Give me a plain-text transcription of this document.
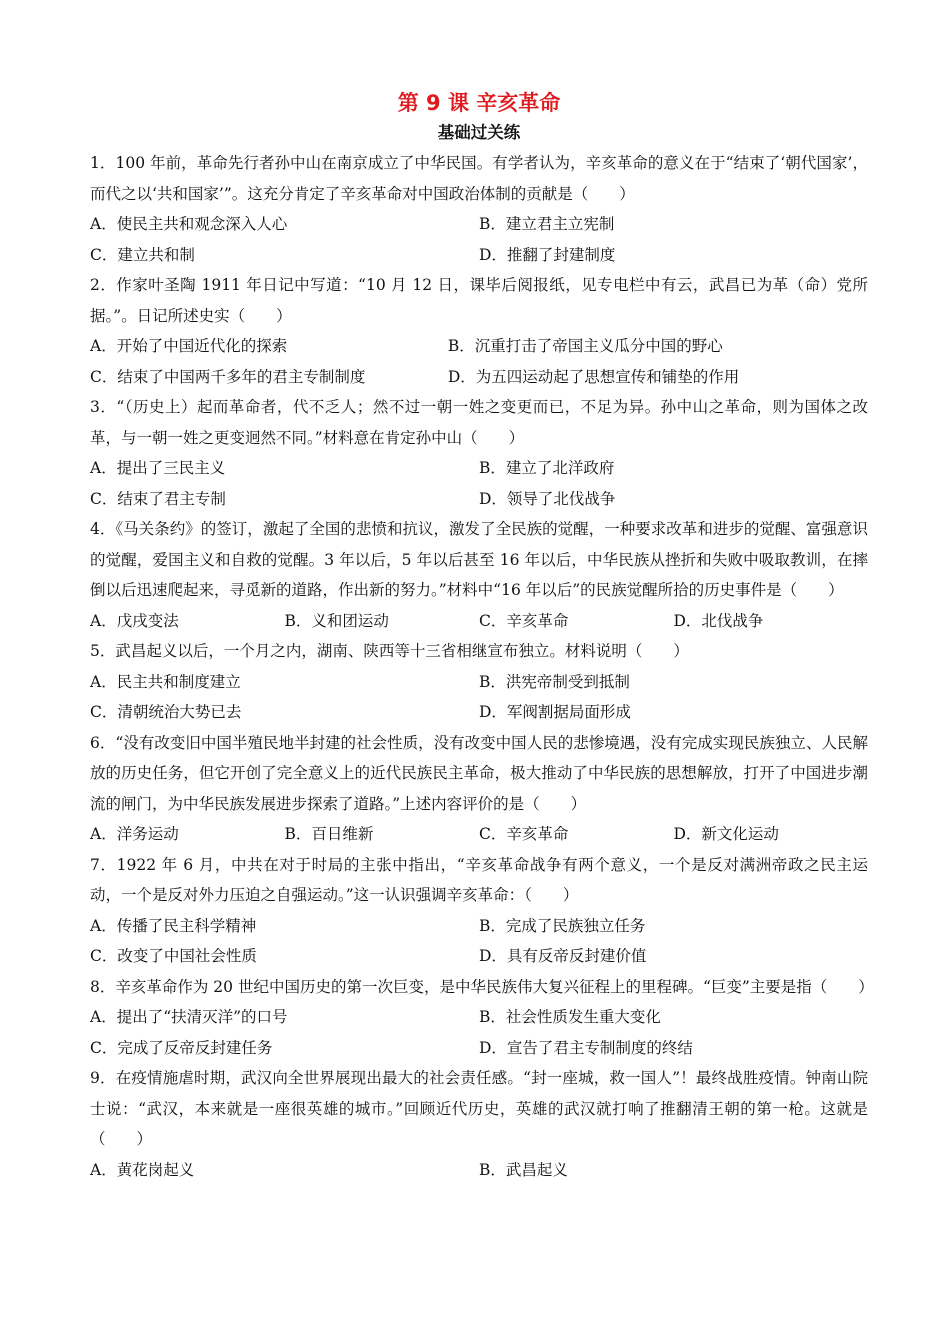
第 9 课 辛亥革命
基础过关练

1．100 年前，革命先行者孙中山在南京成立了中华民国。有学者认为，辛亥革命的意义在于“结束了‘朝代国家’，而代之以‘共和国家’”。这充分肯定了辛亥革命对中国政治体制的贡献是（　　）

A．使民主共和观念深入人心	B．建立君主立宪制
C．建立共和制	D．推翻了封建制度

2．作家叶圣陶 1911 年日记中写道：“10 月 12 日，课毕后阅报纸，见专电栏中有云，武昌已为革（命）党所据。”。日记所述史实（　　）

A．开始了中国近代化的探索	B．沉重打击了帝国主义瓜分中国的野心
C．结束了中国两千多年的君主专制制度	D．为五四运动起了思想宣传和铺垫的作用

3．“（历史上）起而革命者，代不乏人；然不过一朝一姓之变更而已，不足为异。孙中山之革命，则为国体之改革，与一朝一姓之更变迥然不同。”材料意在肯定孙中山（　　）

A．提出了三民主义	B．建立了北洋政府
C．结束了君主专制	D．领导了北伐战争

4．《马关条约》的签订，激起了全国的悲愤和抗议，激发了全民族的觉醒，一种要求改革和进步的觉醒、富强意识的觉醒，爱国主义和自救的觉醒。3 年以后，5 年以后甚至 16 年以后，中华民族从挫折和失败中吸取教训，在摔倒以后迅速爬起来，寻觅新的道路，作出新的努力。”材料中“16 年以后”的民族觉醒所拾的历史事件是（　　）

A．戊戌变法	B．义和团运动	C．辛亥革命	D．北伐战争

5．武昌起义以后，一个月之内，湖南、陕西等十三省相继宣布独立。材料说明（　　）

A．民主共和制度建立	B．洪宪帝制受到抵制
C．清朝统治大势已去	D．军阀割据局面形成

6．“没有改变旧中国半殖民地半封建的社会性质，没有改变中国人民的悲惨境遇，没有完成实现民族独立、人民解放的历史任务，但它开创了完全意义上的近代民族民主革命，极大推动了中华民族的思想解放，打开了中国进步潮流的闸门，为中华民族发展进步探索了道路。”上述内容评价的是（　　）

A．洋务运动	B．百日维新	C．辛亥革命	D．新文化运动

7．1922 年 6 月，中共在对于时局的主张中指出，“辛亥革命战争有两个意义，一个是反对满洲帝政之民主运动，一个是反对外力压迫之自强运动。”这一认识强调辛亥革命：（　　）

A．传播了民主科学精神	B．完成了民族独立任务
C．改变了中国社会性质	D．具有反帝反封建价值

8．辛亥革命作为 20 世纪中国历史的第一次巨变，是中华民族伟大复兴征程上的里程碑。“巨变”主要是指（　　）

A．提出了“扶清灭洋”的口号	B．社会性质发生重大变化
C．完成了反帝反封建任务	D．宣告了君主专制制度的终结

9．在疫情施虐时期，武汉向全世界展现出最大的社会责任感。“封一座城，救一国人”！最终战胜疫情。钟南山院士说：“武汉，本来就是一座很英雄的城市。”回顾近代历史，英雄的武汉就打响了推翻清王朝的第一枪。这就是（　　）

A．黄花岗起义	B．武昌起义
